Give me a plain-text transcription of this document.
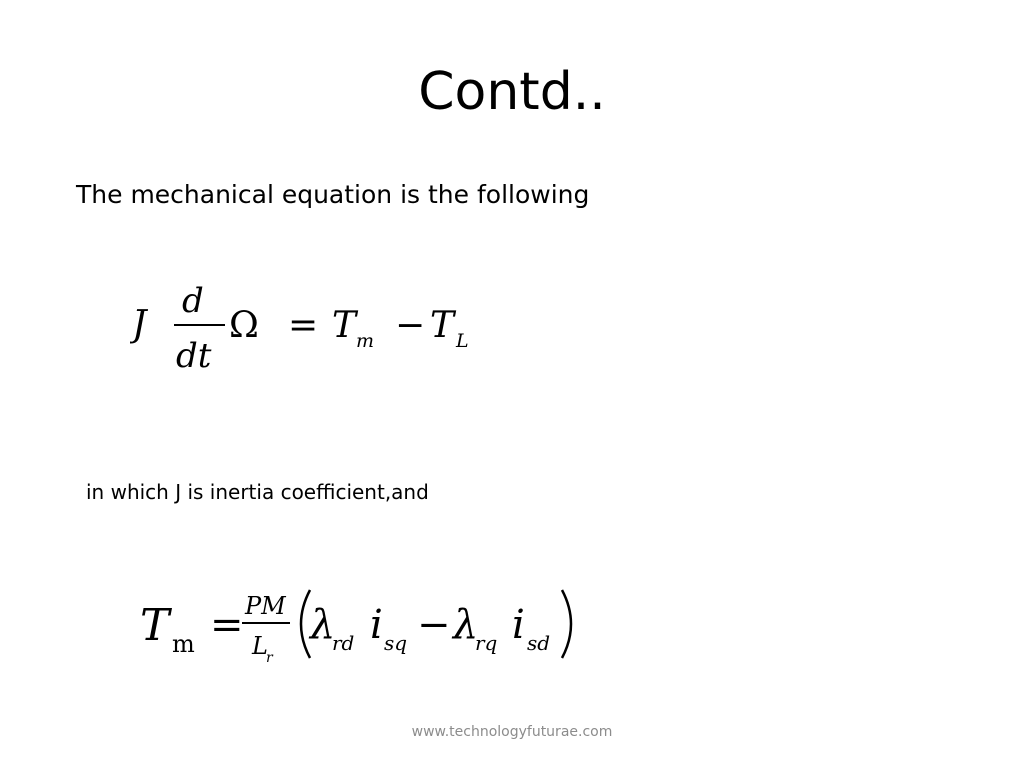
Contd..
The mechanical equation is the following
J
d
dt
Ω = T m − T L
in which J is inertia coefficient,and
T m = PM
L
r
λ
rd i sq − λ
rq i sd
www.technologyfuturae.com
